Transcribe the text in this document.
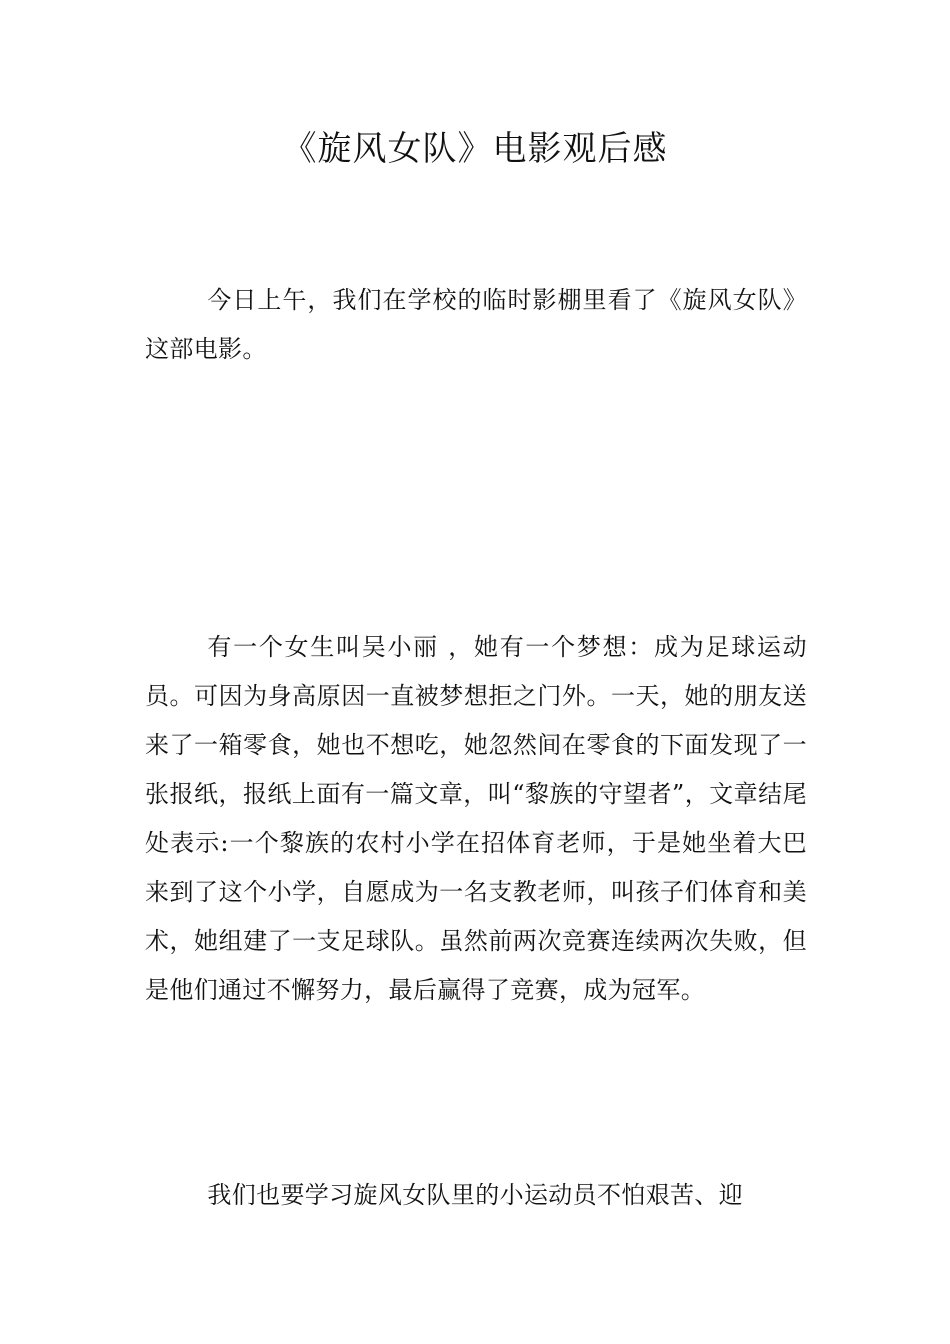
《旋风女队》电影观后感

今日上午，我们在学校的临时影棚里看了《旋风女队》这部电影。

有一个女生叫吴小丽 ，她有一个梦想：成为足球运动员。可因为身高原因一直被梦想拒之门外。一天，她的朋友送来了一箱零食，她也不想吃，她忽然间在零食的下面发现了一张报纸，报纸上面有一篇文章，叫“黎族的守望者”，文章结尾处表示:一个黎族的农村小学在招体育老师，于是她坐着大巴来到了这个小学，自愿成为一名支教老师，叫孩子们体育和美术，她组建了一支足球队。虽然前两次竞赛连续两次失败，但是他们通过不懈努力，最后赢得了竞赛，成为冠军。

我们也要学习旋风女队里的小运动员不怕艰苦、迎
